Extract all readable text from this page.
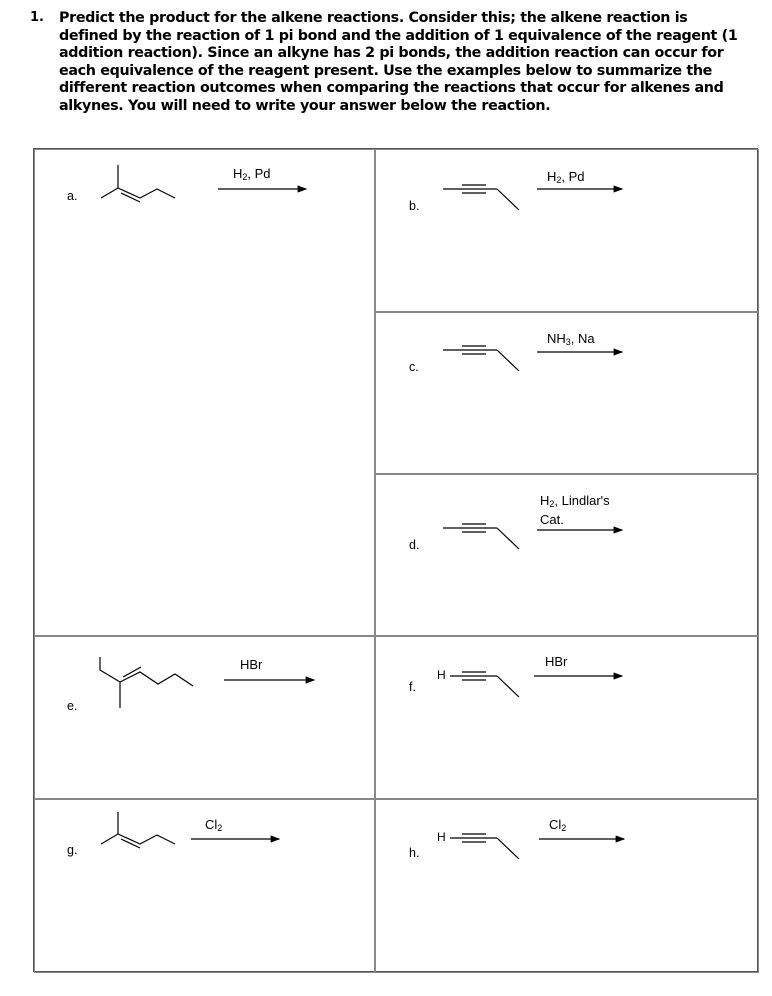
1. Predict the product for the alkene reactions. Consider this; the alkene reaction is defined by the reaction of 1 pi bond and the addition of 1 equivalence of the reagent (1 addition reaction). Since an alkyne has 2 pi bonds, the addition reaction can occur for each equivalence of the reagent present. Use the examples below to summarize the different reaction outcomes when comparing the reactions that occur for alkenes and alkynes. You will need to write your answer below the reaction.
H
H
a.
b.
c.
d.
e.
f.
g.	h.
$H_2$, Pd	$H_2$, Pd
$NH_3$, Na
$H_2$, Lindlar's
Cat.
HBr	HBr
$Cl_2$	$Cl_2$
